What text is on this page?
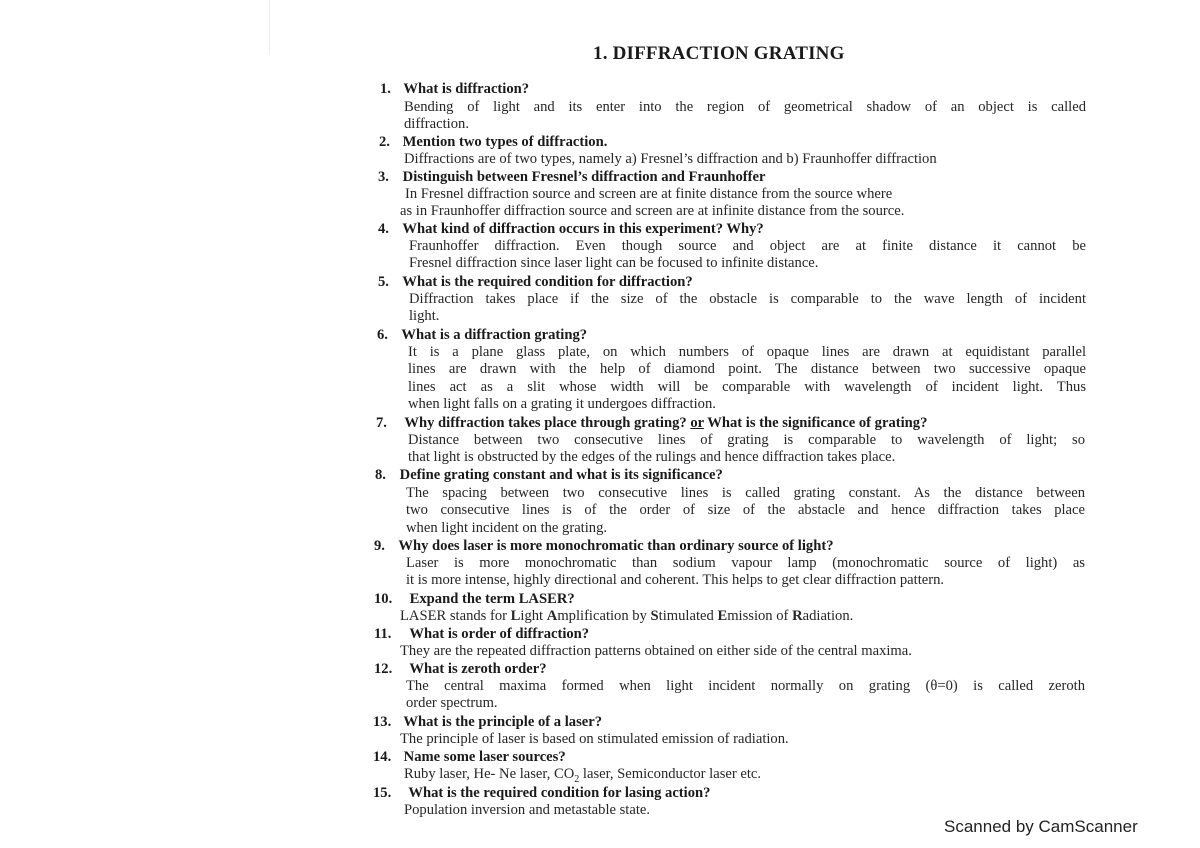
1. DIFFRACTION GRATING
1. What is diffraction?
Bending of light and its enter into the region of geometrical shadow of an object is called
diffraction.
2. Mention two types of diffraction.
Diffractions are of two types, namely a) Fresnel’s diffraction and b) Fraunhoffer diffraction
3. Distinguish between Fresnel’s diffraction and Fraunhoffer
In Fresnel diffraction source and screen are at finite distance from the source where
as in Fraunhoffer diffraction source and screen are at infinite distance from the source.
4. What kind of diffraction occurs in this experiment? Why?
Fraunhoffer diffraction. Even though source and object are at finite distance it cannot be
Fresnel diffraction since laser light can be focused to infinite distance.
5. What is the required condition for diffraction?
Diffraction takes place if the size of the obstacle is comparable to the wave length of incident
light.
6. What is a diffraction grating?
It is a plane glass plate, on which numbers of opaque lines are drawn at equidistant parallel
lines are drawn with the help of diamond point. The distance between two successive opaque
lines act as a slit whose width will be comparable with wavelength of incident light. Thus
when light falls on a grating it undergoes diffraction.
7. Why diffraction takes place through grating? or What is the significance of grating?
Distance between two consecutive lines of grating is comparable to wavelength of light; so
that light is obstructed by the edges of the rulings and hence diffraction takes place.
8. Define grating constant and what is its significance?
The spacing between two consecutive lines is called grating constant. As the distance between
two consecutive lines is of the order of size of the abstacle and hence diffraction takes place
when light incident on the grating.
9. Why does laser is more monochromatic than ordinary source of light?
Laser is more monochromatic than sodium vapour lamp (monochromatic source of light) as
it is more intense, highly directional and coherent. This helps to get clear diffraction pattern.
10. Expand the term LASER?
LASER stands for Light Amplification by Stimulated Emission of Radiation.
11. What is order of diffraction?
They are the repeated diffraction patterns obtained on either side of the central maxima.
12. What is zeroth order?
The central maxima formed when light incident normally on grating (θ=0) is called zeroth
order spectrum.
13. What is the principle of a laser?
The principle of laser is based on stimulated emission of radiation.
14. Name some laser sources?
Ruby laser, He- Ne laser, $CO_2$ laser, Semiconductor laser etc.
15. What is the required condition for lasing action?
Population inversion and metastable state.
Scanned by CamScanner
